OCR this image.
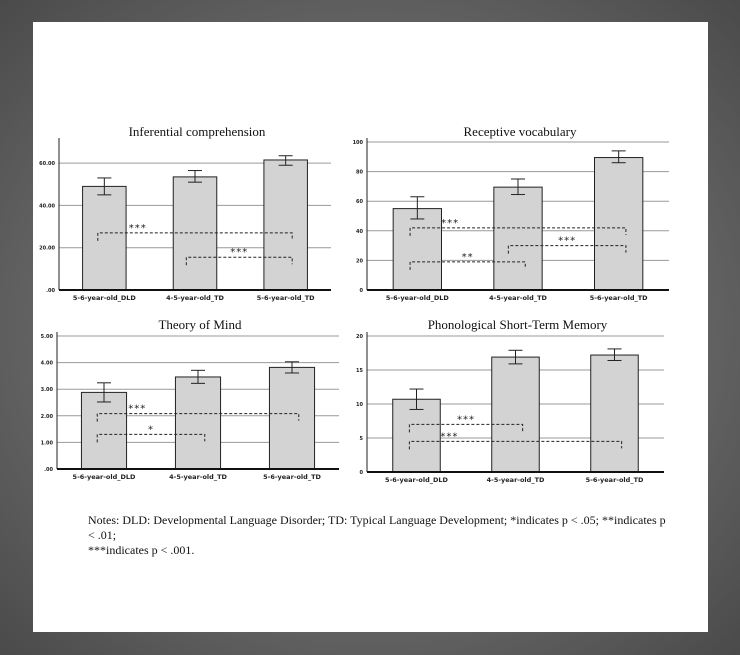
Inferential comprehension
.00
20.00
40.00
60.00
5-6-year-old_DLD	4-5-year-old_TD	5-6-year-old_TD
***
***
Receptive vocabulary
0
20
40
60
80
100
5-6-year-old_DLD	4-5-year-old_TD	5-6-year-old_TD
***
***
**
Theory of Mind
.00
1.00
2.00
3.00
4.00
5.00
5-6-year-old_DLD	4-5-year-old_TD	5-6-year-old_TD
***
*
Phonological Short-Term Memory
0
5
10
15
20
5-6-year-old_DLD	4-5-year-old_TD	5-6-year-old_TD
***
***
Notes: DLD: Developmental Language Disorder; TD: Typical Language Development; *indicates p < .05; **indicates p < .01;
***indicates p < .001.
